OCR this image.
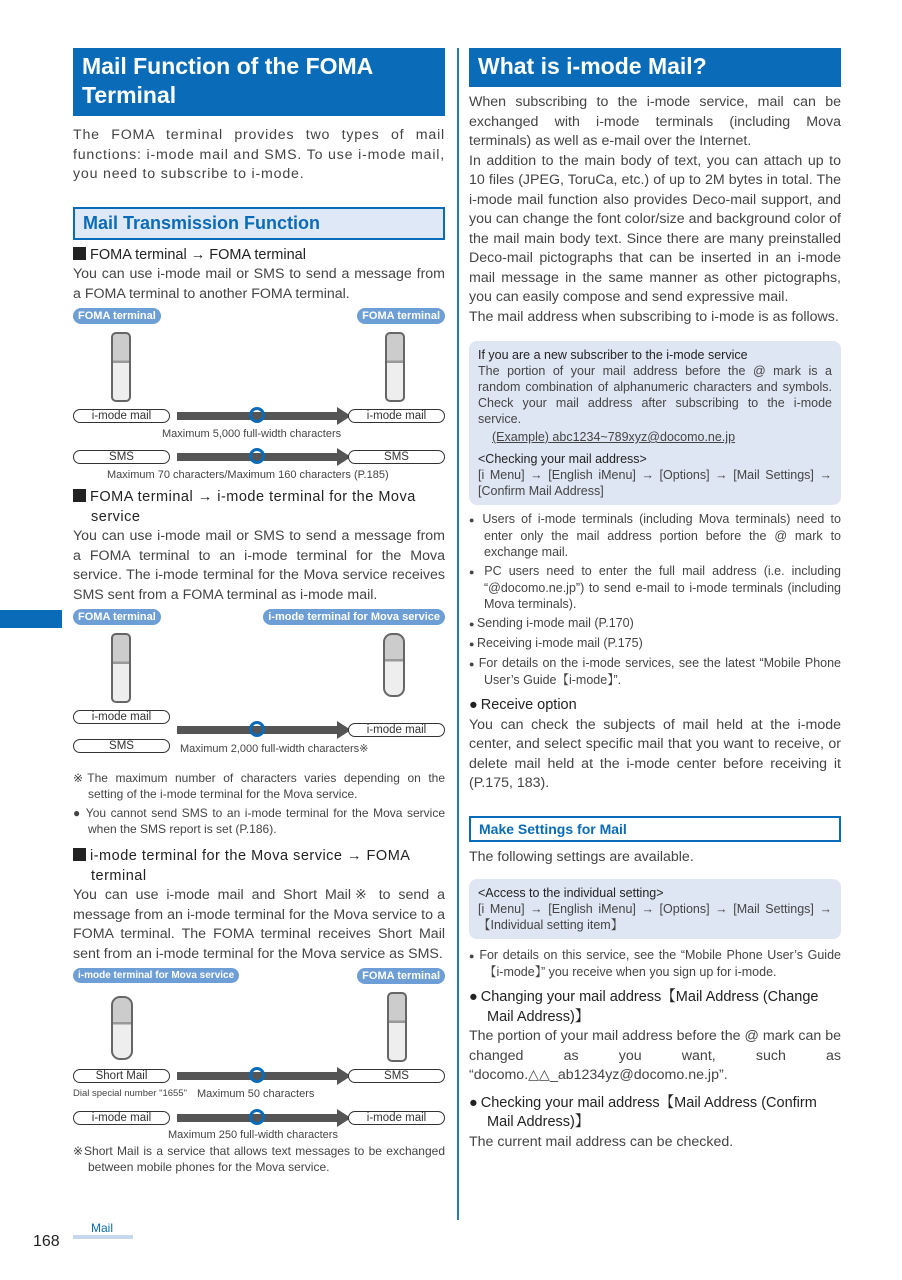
Mail Function of the FOMA Terminal

The FOMA terminal provides two types of mail functions: i-mode mail and SMS. To use i-mode mail, you need to subscribe to i-mode.

Mail Transmission Function
FOMA terminal → FOMA terminal

You can use i-mode mail or SMS to send a message from a FOMA terminal to another FOMA terminal.

FOMA terminal	FOMA terminal
i-mode mail	i-mode mail
Maximum 5,000 full-width characters
SMS	SMS
Maximum 70 characters/Maximum 160 characters (P.185)
FOMA terminal → i-mode terminal for the Mova service

You can use i-mode mail or SMS to send a message from a FOMA terminal to an i-mode terminal for the Mova service. The i-mode terminal for the Mova service receives SMS sent from a FOMA terminal as i-mode mail.

FOMA terminal	i-mode terminal for Mova service
i-mode mail
SMS
i-mode mail
Maximum 2,000 full-width characters※
※The maximum number of characters varies depending on the setting of the i-mode terminal for the Mova service.
● You cannot send SMS to an i-mode terminal for the Mova service when the SMS report is set (P.186).
i-mode terminal for the Mova service → FOMA terminal

You can use i-mode mail and Short Mail※ to send a message from an i-mode terminal for the Mova service to a FOMA terminal. The FOMA terminal receives Short Mail sent from an i-mode terminal for the Mova service as SMS.

i-mode terminal for Mova service	FOMA terminal
Short Mail	SMS
Dial special number "1655" Maximum 50 characters
i-mode mail	i-mode mail
Maximum 250 full-width characters
※Short Mail is a service that allows text messages to be exchanged between mobile phones for the Mova service.
What is i-mode Mail?

When subscribing to the i-mode service, mail can be exchanged with i-mode terminals (including Mova terminals) as well as e-mail over the Internet.

In addition to the main body of text, you can attach up to 10 files (JPEG, ToruCa, etc.) of up to 2M bytes in total. The i-mode mail function also provides Deco-mail support, and you can change the font color/size and background color of the mail main body text. Since there are many preinstalled Deco-mail pictographs that can be inserted in an i-mode mail message in the same manner as other pictographs, you can easily compose and send expressive mail.

The mail address when subscribing to i-mode is as follows.

If you are a new subscriber to the i-mode service
The portion of your mail address before the @ mark is a random combination of alphanumeric characters and symbols. Check your mail address after subscribing to the i-mode service.
(Example) abc1234~789xyz@docomo.ne.jp
<Checking your mail address>
[i Menu] → [English iMenu] → [Options] → [Mail Settings] → [Confirm Mail Address]
● Users of i-mode terminals (including Mova terminals) need to enter only the mail address portion before the @ mark to exchange mail.
● PC users need to enter the full mail address (i.e. including “@docomo.ne.jp”) to send e-mail to i-mode terminals (including Mova terminals).
● Sending i-mode mail (P.170)
● Receiving i-mode mail (P.175)
● For details on the i-mode services, see the latest “Mobile Phone User’s Guide【i-mode】”.
● Receive option

You can check the subjects of mail held at the i-mode center, and select specific mail that you want to receive, or delete mail held at the i-mode center before receiving it (P.175, 183).

Make Settings for Mail

The following settings are available.

<Access to the individual setting>
[i Menu] → [English iMenu] → [Options] → [Mail Settings] → 【Individual setting item】
● For details on this service, see the “Mobile Phone User’s Guide【i-mode】” you receive when you sign up for i-mode.
● Changing your mail address【Mail Address (Change Mail Address)】

The portion of your mail address before the @ mark can be changed as you want, such as “docomo.△△_ab1234yz@docomo.ne.jp”.

● Checking your mail address【Mail Address (Confirm Mail Address)】

The current mail address can be checked.

Mail
168
